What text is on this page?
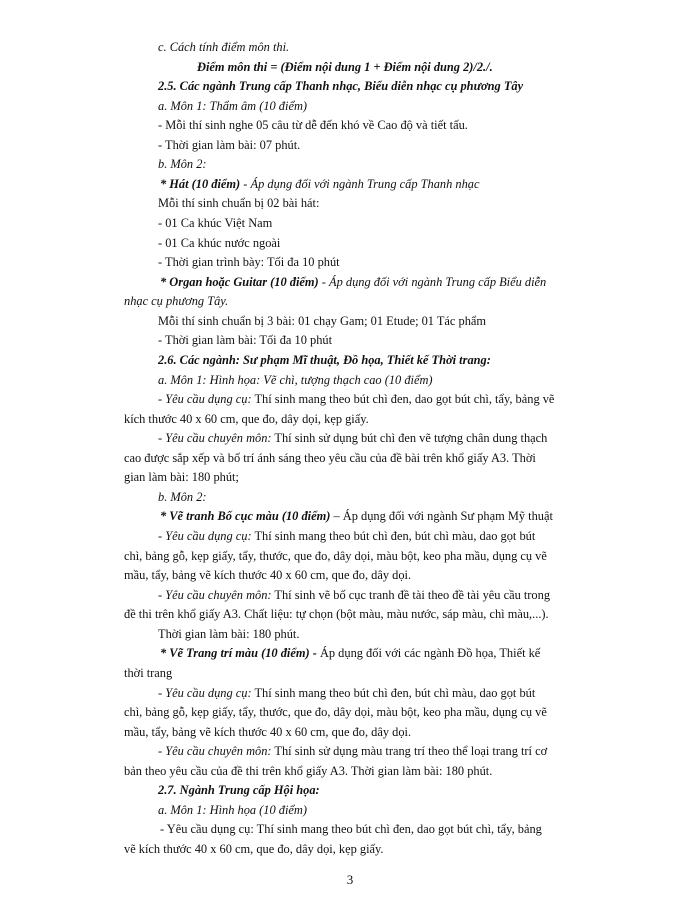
c. Cách tính điểm môn thi.
Điểm môn thi = (Điểm nội dung 1 + Điểm nội dung 2)/2./.
2.5. Các ngành Trung cấp Thanh nhạc, Biểu diễn nhạc cụ phương Tây
a. Môn 1: Thẩm âm (10 điểm)
- Mỗi thí sinh nghe 05 câu từ dễ đến khó về Cao độ và tiết tấu.
- Thời gian làm bài: 07 phút.
b. Môn 2:
* Hát (10 điểm) - Áp dụng đối với ngành Trung cấp Thanh nhạc
Mỗi thí sinh chuẩn bị 02 bài hát:
- 01 Ca khúc Việt Nam
- 01 Ca khúc nước ngoài
- Thời gian trình bày: Tối đa 10 phút
* Organ hoặc Guitar (10 điểm) - Áp dụng đối với ngành Trung cấp Biểu diễn
nhạc cụ phương Tây.
Mỗi thí sinh chuẩn bị 3 bài: 01 chạy Gam; 01 Etude; 01 Tác phẩm
- Thời gian làm bài: Tối đa 10 phút
2.6. Các ngành: Sư phạm Mĩ thuật, Đồ họa, Thiết kế Thời trang:
a. Môn 1: Hình họa: Vẽ chì, tượng thạch cao (10 điểm)
- Yêu cầu dụng cụ: Thí sinh mang theo bút chì đen, dao gọt bút chì, tẩy, bảng vẽ
kích thước 40 x 60 cm, que đo, dây dọi, kẹp giấy.
- Yêu cầu chuyên môn: Thí sinh sử dụng bút chì đen vẽ tượng chân dung thạch
cao được sắp xếp và bố trí ánh sáng theo yêu cầu của đề bài trên khổ giấy A3. Thời
gian làm bài: 180 phút;
b. Môn 2:
* Vẽ tranh Bố cục màu (10 điểm) – Áp dụng đối với ngành Sư phạm Mỹ thuật
- Yêu cầu dụng cụ: Thí sinh mang theo bút chì đen, bút chì màu, dao gọt bút
chì, bảng gỗ, kẹp giấy, tẩy, thước, que đo, dây dọi, màu bột, keo pha mầu, dụng cụ vẽ
mầu, tẩy, bảng vẽ kích thước 40 x 60 cm, que đo, dây dọi.
- Yêu cầu chuyên môn: Thí sinh vẽ bố cục tranh đề tài theo đề tài yêu cầu trong
đề thi trên khổ giấy A3. Chất liệu: tự chọn (bột màu, màu nước, sáp màu, chì màu,...).
Thời gian làm bài: 180 phút.
* Vẽ Trang trí màu (10 điểm) - Áp dụng đối với các ngành Đồ họa, Thiết kế
thời trang
- Yêu cầu dụng cụ: Thí sinh mang theo bút chì đen, bút chì màu, dao gọt bút
chì, bảng gỗ, kẹp giấy, tẩy, thước, que đo, dây dọi, màu bột, keo pha mầu, dụng cụ vẽ
mầu, tẩy, bảng vẽ kích thước 40 x 60 cm, que đo, dây dọi.
- Yêu cầu chuyên môn: Thí sinh sử dụng màu trang trí theo thể loại trang trí cơ
3
bản theo yêu cầu của đề thi trên khổ giấy A3. Thời gian làm bài: 180 phút.
2.7. Ngành Trung cấp Hội họa:
a. Môn 1: Hình họa (10 điểm)
- Yêu cầu dụng cụ: Thí sinh mang theo bút chì đen, dao gọt bút chì, tẩy, bảng
vẽ kích thước 40 x 60 cm, que đo, dây dọi, kẹp giấy.
